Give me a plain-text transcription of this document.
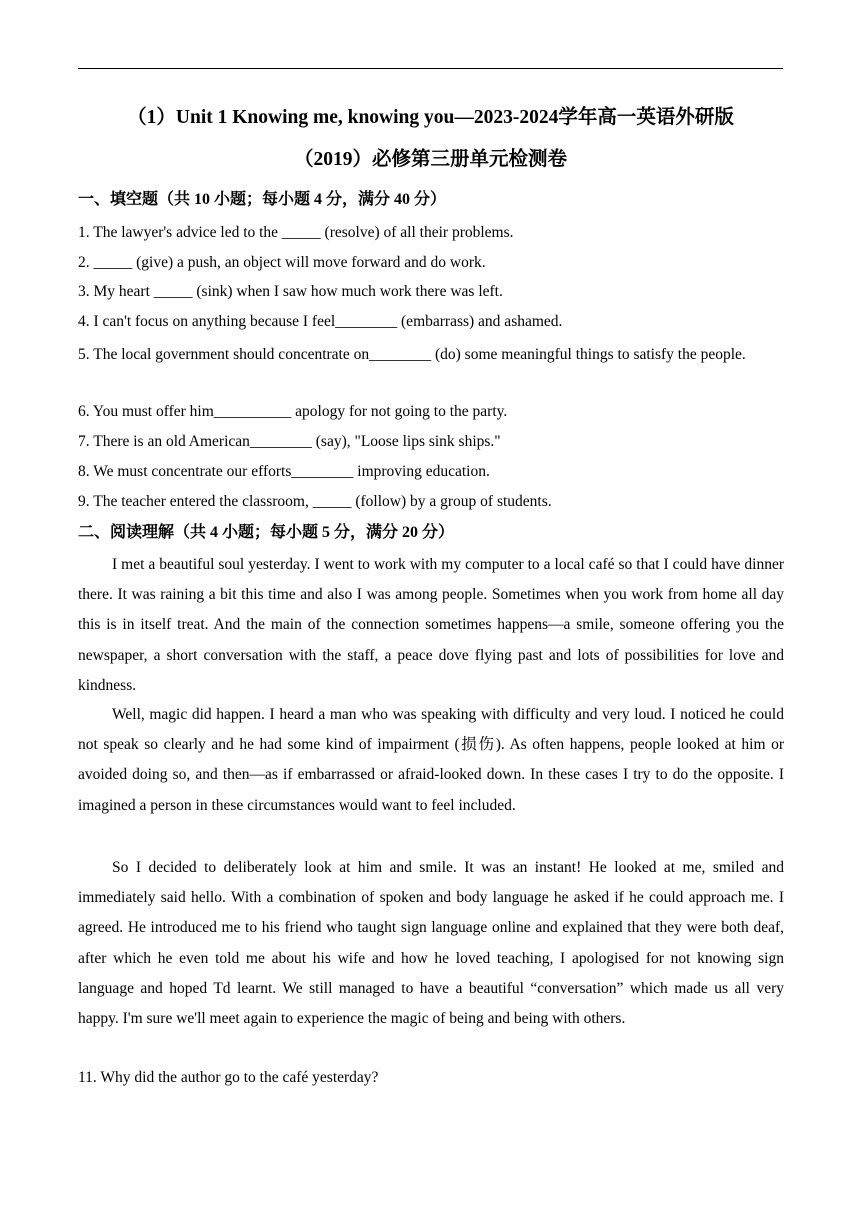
（1）Unit 1 Knowing me, knowing you—2023-2024学年高一英语外研版
（2019）必修第三册单元检测卷
一、填空题（共 10 小题；每小题 4 分，满分 40 分）
1. The lawyer's advice led to the _____ (resolve) of all their problems.
2. _____ (give) a push, an object will move forward and do work.
3. My heart _____ (sink) when I saw how much work there was left.
4. I can't focus on anything because I feel________ (embarrass) and ashamed.
5. The local government should concentrate on________ (do) some meaningful things to satisfy the people.
6. You must offer him__________ apology for not going to the party.
7. There is an old American________ (say), "Loose lips sink ships."
8. We must concentrate our efforts________ improving education.
9. The teacher entered the classroom, _____ (follow) by a group of students.
二、阅读理解（共 4 小题；每小题 5 分，满分 20 分）
I met a beautiful soul yesterday. I went to work with my computer to a local café so that I could have dinner there. It was raining a bit this time and also I was among people. Sometimes when you work from home all day this is in itself treat. And the main of the connection sometimes happens—a smile, someone offering you the newspaper, a short conversation with the staff, a peace dove flying past and lots of possibilities for love and kindness.
Well, magic did happen. I heard a man who was speaking with difficulty and very loud. I noticed he could not speak so clearly and he had some kind of impairment (损伤). As often happens, people looked at him or avoided doing so, and then—as if embarrassed or afraid-looked down. In these cases I try to do the opposite. I imagined a person in these circumstances would want to feel included.
So I decided to deliberately look at him and smile. It was an instant! He looked at me, smiled and immediately said hello. With a combination of spoken and body language he asked if he could approach me. I agreed. He introduced me to his friend who taught sign language online and explained that they were both deaf, after which he even told me about his wife and how he loved teaching, I apologised for not knowing sign language and hoped Td learnt. We still managed to have a beautiful “conversation” which made us all very happy. I'm sure we'll meet again to experience the magic of being and being with others.
11. Why did the author go to the café yesterday?
